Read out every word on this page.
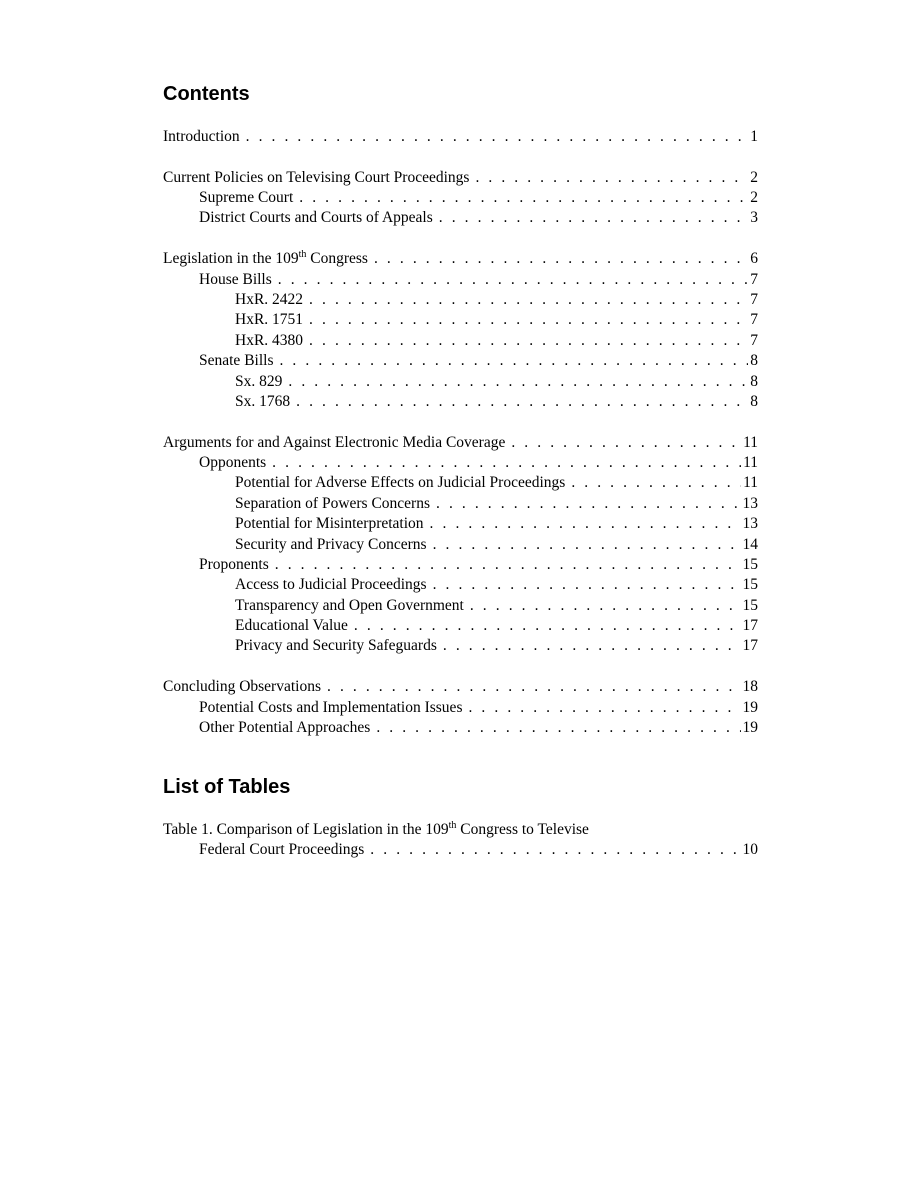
Contents
Introduction . . .	1
Current Policies on Televising Court Proceedings . . .	2
Supreme Court . . .	2
District Courts and Courts of Appeals . . .	3
Legislation in the 109th Congress . . .	6
House Bills . . .	7
HxR. 2422 . . .	7
HxR. 1751 . . .	7
HxR. 4380 . . .	7
Senate Bills . . .	8
Sx. 829 . . .	8
Sx. 1768 . . .	8
Arguments for and Against Electronic Media Coverage . . .	11
Opponents . . .	11
Potential for Adverse Effects on Judicial Proceedings . . .	11
Separation of Powers Concerns . . .	13
Potential for Misinterpretation . . .	13
Security and Privacy Concerns . . .	14
Proponents . . .	15
Access to Judicial Proceedings . . .	15
Transparency and Open Government . . .	15
Educational Value . . .	17
Privacy and Security Safeguards . . .	17
Concluding Observations . . .	18
Potential Costs and Implementation Issues . . .	19
Other Potential Approaches . . .	19
List of Tables
Table 1. Comparison of Legislation in the 109th Congress to Televise
Federal Court Proceedings . . .	10
